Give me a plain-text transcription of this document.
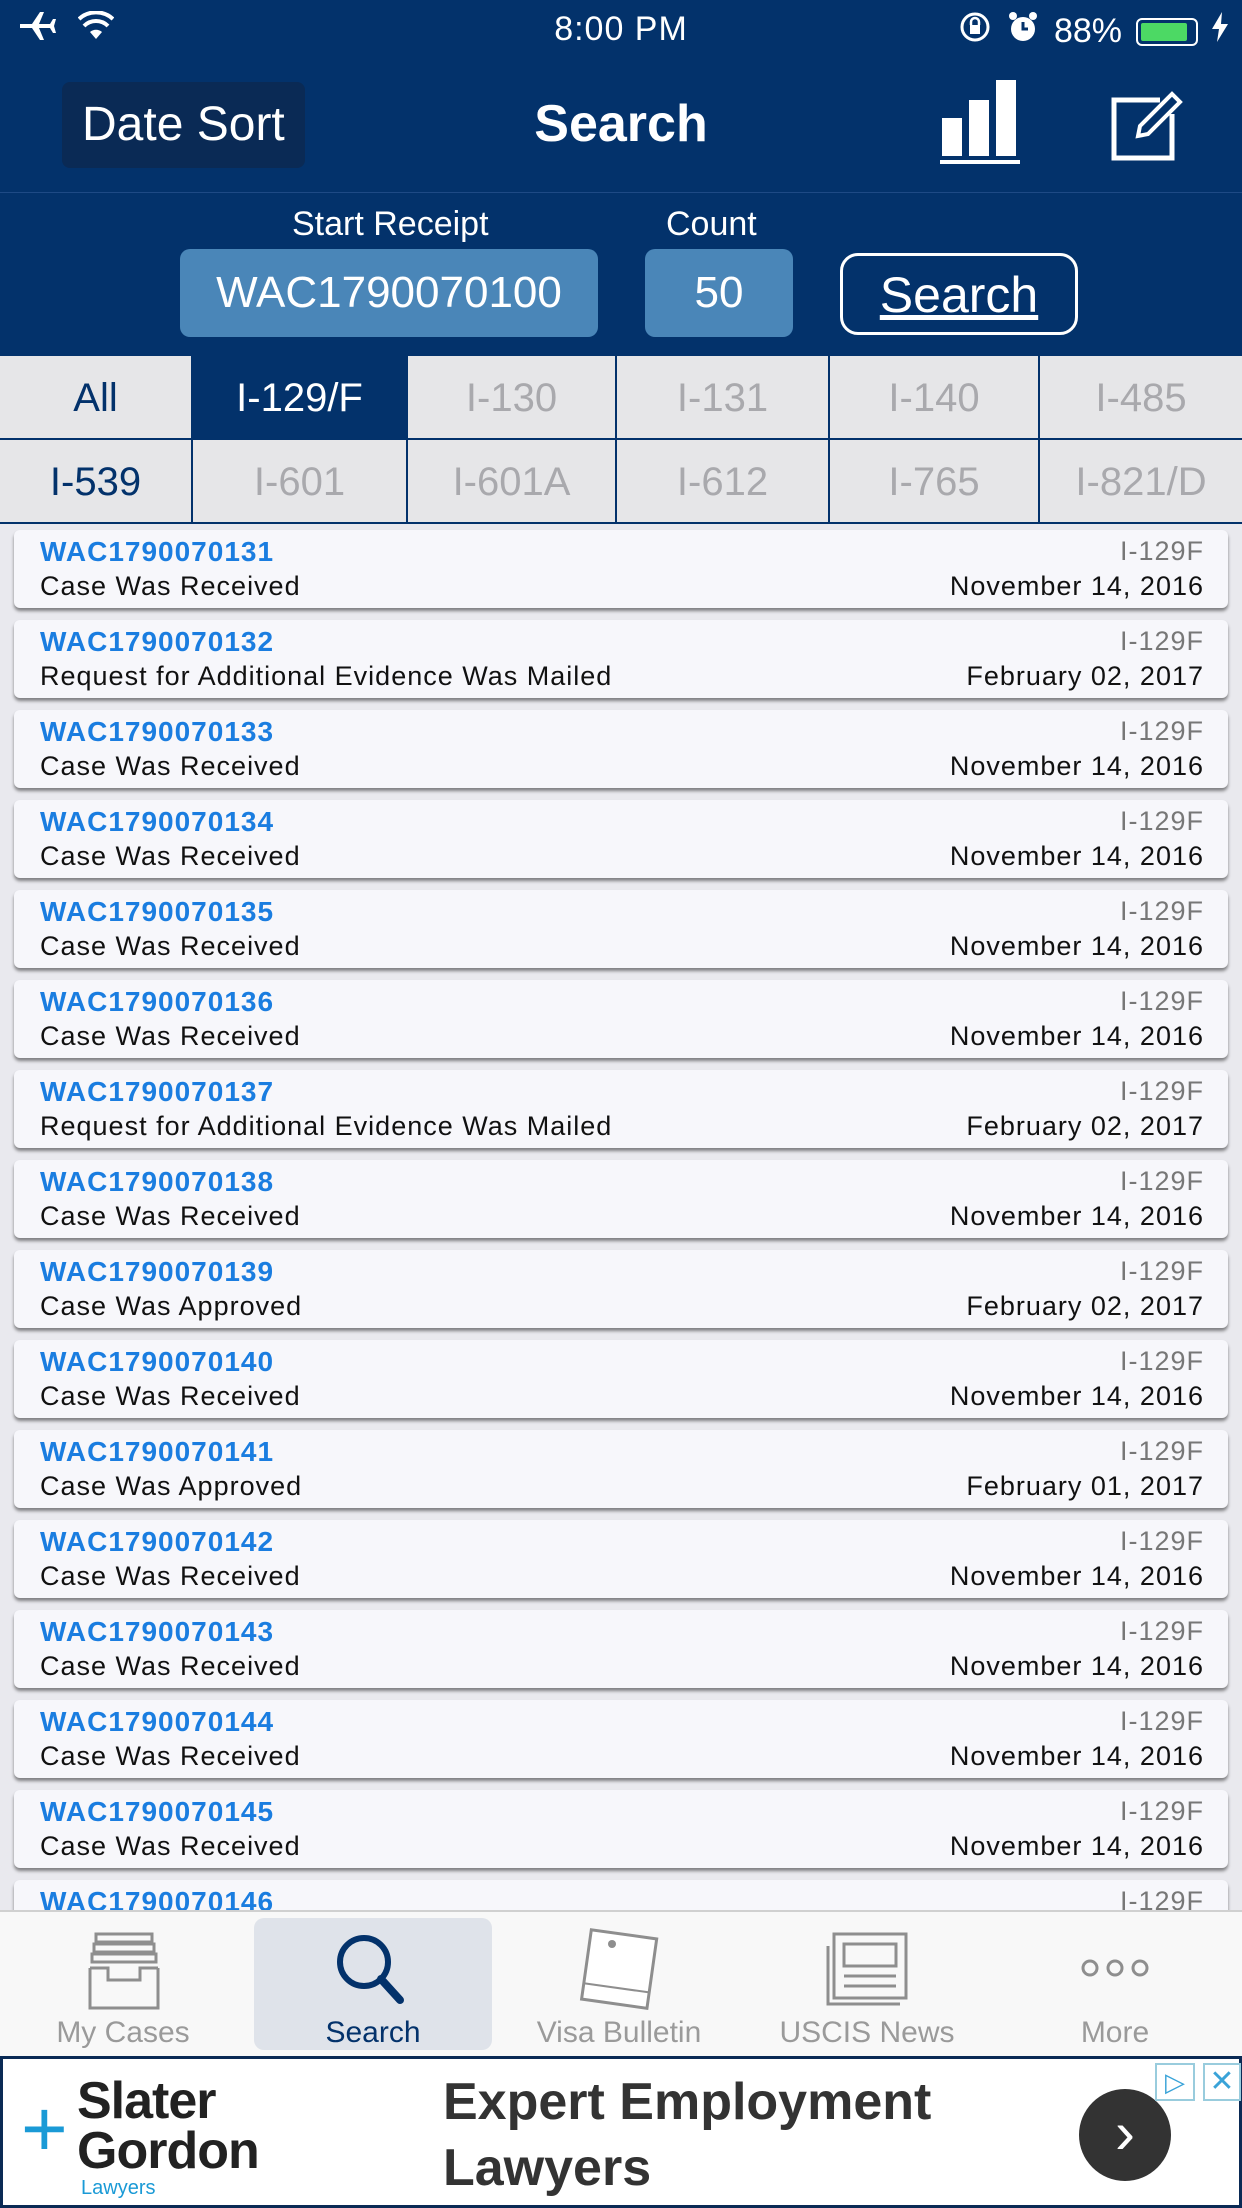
8:00 PM	88%
Date Sort	Search
Start Receipt	Count
WAC1790070100	50	Search
All	I-129/F	I-130	I-131	I-140	I-485
I-539	I-601	I-601A	I-612	I-765	I-821/D
WAC1790070131
Case Was Received
I-129F
November 14, 2016
WAC1790070132
Request for Additional Evidence Was Mailed
I-129F
February 02, 2017
WAC1790070133
Case Was Received
I-129F
November 14, 2016
WAC1790070134
Case Was Received
I-129F
November 14, 2016
WAC1790070135
Case Was Received
I-129F
November 14, 2016
WAC1790070136
Case Was Received
I-129F
November 14, 2016
WAC1790070137
Request for Additional Evidence Was Mailed
I-129F
February 02, 2017
WAC1790070138
Case Was Received
I-129F
November 14, 2016
WAC1790070139
Case Was Approved
I-129F
February 02, 2017
WAC1790070140
Case Was Received
I-129F
November 14, 2016
WAC1790070141
Case Was Approved
I-129F
February 01, 2017
WAC1790070142
Case Was Received
I-129F
November 14, 2016
WAC1790070143
Case Was Received
I-129F
November 14, 2016
WAC1790070144
Case Was Received
I-129F
November 14, 2016
WAC1790070145
Case Was Received
I-129F
November 14, 2016
WAC1790070146	I-129F
My Cases	Search	Visa Bulletin	USCIS News	More
+ Slater
Gordon
Lawyers
Expert Employment Lawyers
›
▷ ✕
